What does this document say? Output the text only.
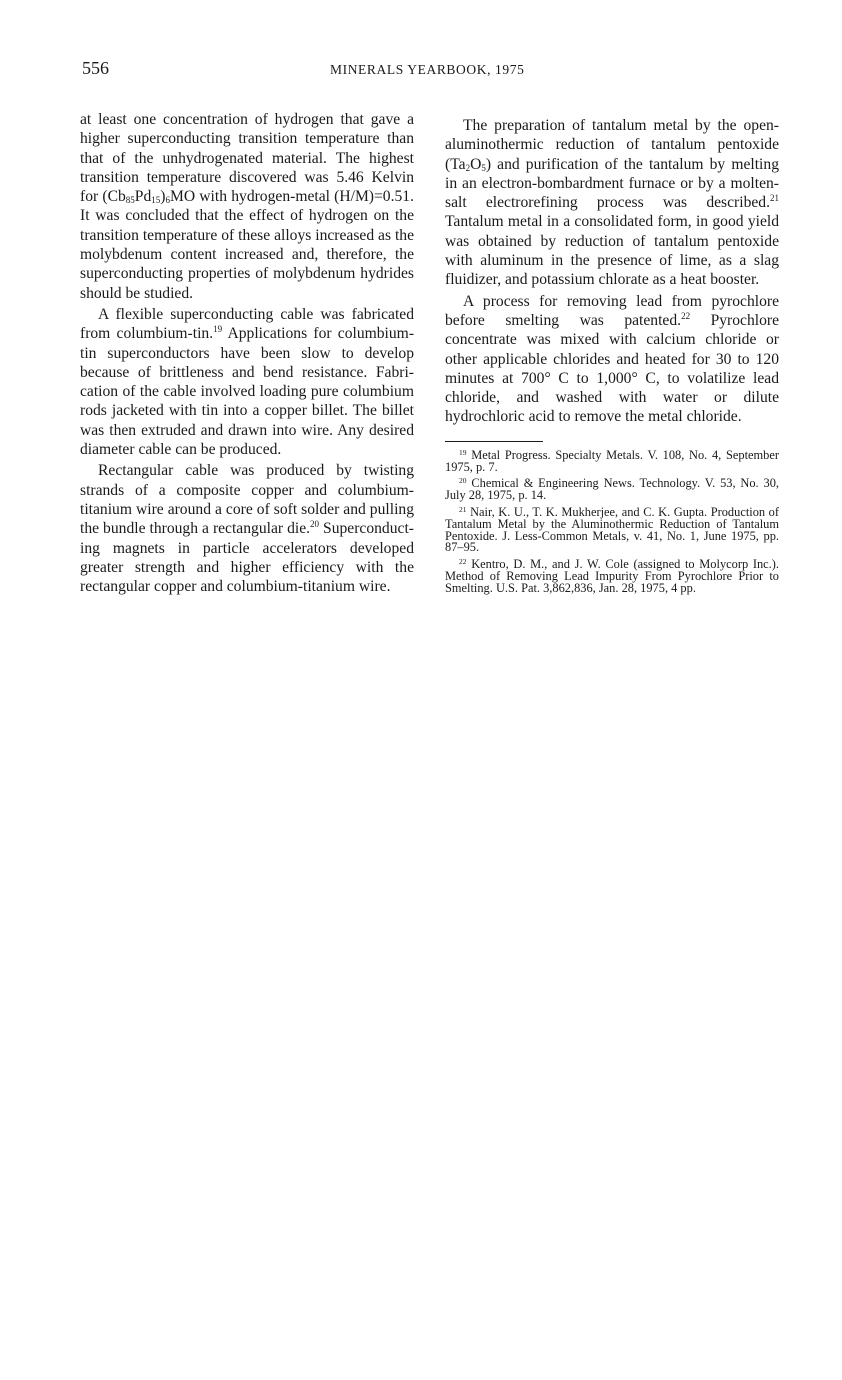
556	MINERALS YEARBOOK, 1975

at least one concentration of hydrogen that gave a higher superconducting transition temperature than that of the unhydrogenated material. The highest transition temperature discovered was 5.46 Kelvin for $(Cb_{85}Pd_{15})_6MO$ with hydrogen-metal (H/M)=0.51. It was concluded that the effect of hydrogen on the transition temperature of these alloys increased as the molybdenum content increased and, therefore, the superconducting properties of molybdenum hydrides should be studied.

A flexible superconducting cable was fabricated from columbium-tin.$^{19}$ Applications for columbium-tin superconductors have been slow to develop because of brittleness and bend resistance. Fabrication of the cable involved loading pure columbium rods jacketed with tin into a copper billet. The billet was then extruded and drawn into wire. Any desired diameter cable can be produced.

Rectangular cable was produced by twisting strands of a composite copper and columbium-titanium wire around a core of soft solder and pulling the bundle through a rectangular die.$^{20}$ Superconducting magnets in particle accelerators developed greater strength and higher efficiency with the rectangular copper and columbium-titanium wire.

The preparation of tantalum metal by the open-aluminothermic reduction of tantalum pentoxide $(Ta_2O_5)$ and purification of the tantalum by melting in an electron-bombardment furnace or by a molten-salt electrorefining process was described.$^{21}$ Tantalum metal in a consolidated form, in good yield was obtained by reduction of tantalum pentoxide with aluminum in the presence of lime, as a slag fluidizer, and potassium chlorate as a heat booster.

A process for removing lead from pyrochlore before smelting was patented.$^{22}$ Pyrochlore concentrate was mixed with calcium chloride or other applicable chlorides and heated for 30 to 120 minutes at 700° C to 1,000° C, to volatilize lead chloride, and washed with water or dilute hydrochloric acid to remove the metal chloride.

$^{19}$ Metal Progress. Specialty Metals. V. 108, No. 4, September 1975, p. 7.

$^{20}$ Chemical & Engineering News. Technology. V. 53, No. 30, July 28, 1975, p. 14.

$^{21}$ Nair, K. U., T. K. Mukherjee, and C. K. Gupta. Production of Tantalum Metal by the Aluminothermic Reduction of Tantalum Pentoxide. J. Less-Common Metals, v. 41, No. 1, June 1975, pp. 87–95.

$^{22}$ Kentro, D. M., and J. W. Cole (assigned to Molycorp Inc.). Method of Removing Lead Impurity From Pyrochlore Prior to Smelting. U.S. Pat. 3,862,836, Jan. 28, 1975, 4 pp.
